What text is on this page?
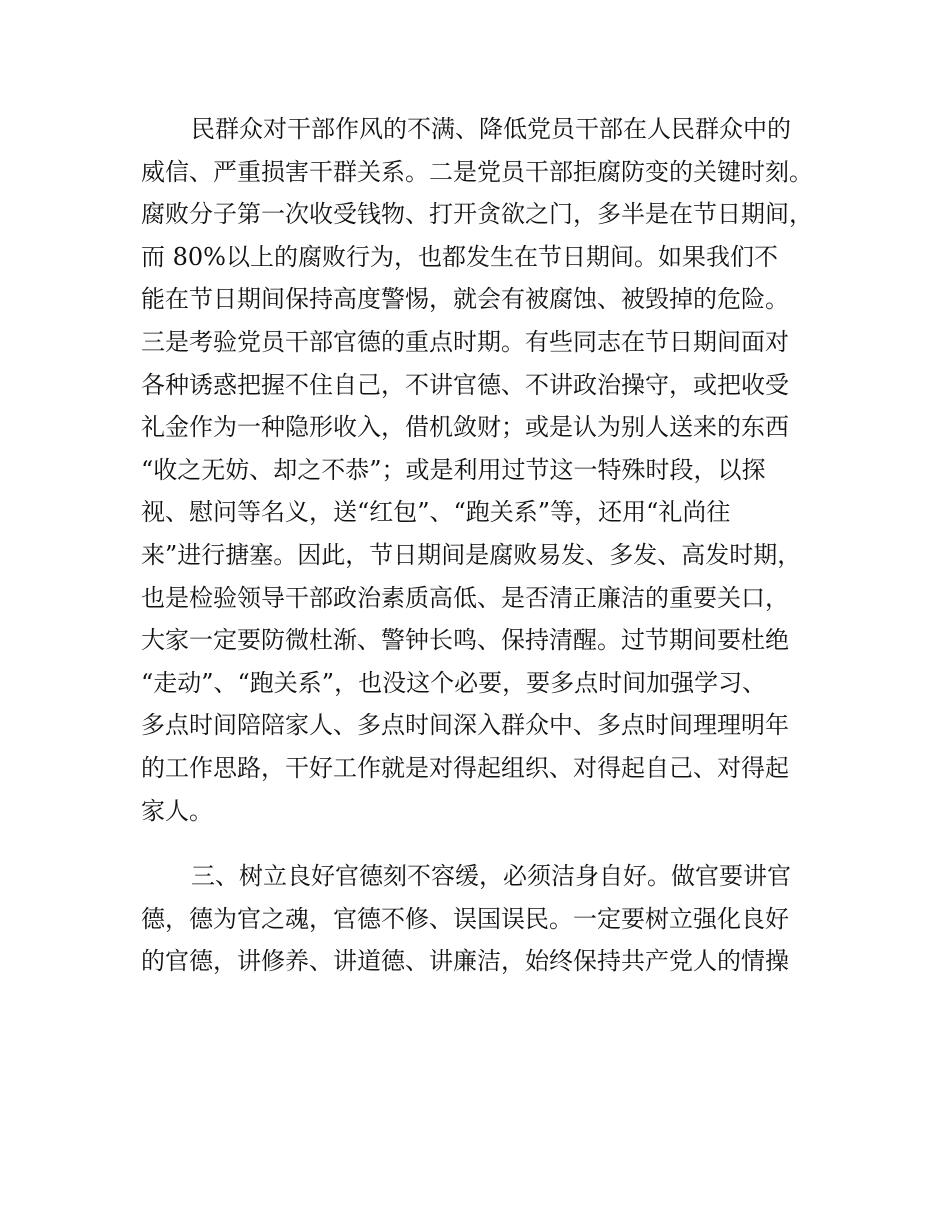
民群众对干部作风的不满、降低党员干部在人民群众中的
威信、严重损害干群关系。二是党员干部拒腐防变的关键时刻。
腐败分子第一次收受钱物、打开贪欲之门，多半是在节日期间，
而 80%以上的腐败行为，也都发生在节日期间。如果我们不
能在节日期间保持高度警惕，就会有被腐蚀、被毁掉的危险。
三是考验党员干部官德的重点时期。有些同志在节日期间面对
各种诱惑把握不住自己，不讲官德、不讲政治操守，或把收受
礼金作为一种隐形收入，借机敛财；或是认为别人送来的东西
“收之无妨、却之不恭”；或是利用过节这一特殊时段，以探
视、慰问等名义，送“红包”、“跑关系”等，还用“礼尚往
来”进行搪塞。因此，节日期间是腐败易发、多发、高发时期，
也是检验领导干部政治素质高低、是否清正廉洁的重要关口，
大家一定要防微杜渐、警钟长鸣、保持清醒。过节期间要杜绝
“走动”、“跑关系”，也没这个必要，要多点时间加强学习、
多点时间陪陪家人、多点时间深入群众中、多点时间理理明年
的工作思路，干好工作就是对得起组织、对得起自己、对得起
家人。
三、树立良好官德刻不容缓，必须洁身自好。做官要讲官
德，德为官之魂，官德不修、误国误民。一定要树立强化良好
的官德，讲修养、讲道德、讲廉洁，始终保持共产党人的情操
